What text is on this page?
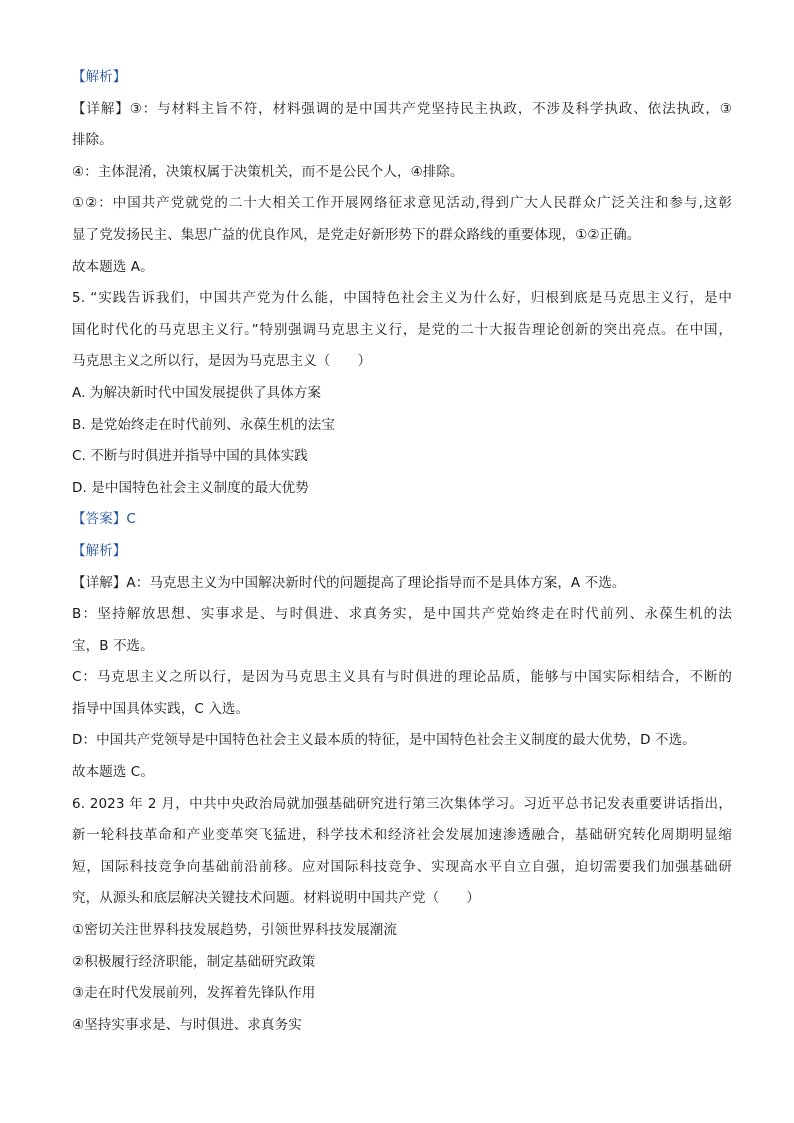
【解析】
【详解】③：与材料主旨不符，材料强调的是中国共产党坚持民主执政，不涉及科学执政、依法执政，③
排除。
④：主体混淆，决策权属于决策机关，而不是公民个人，④排除。
①②：中国共产党就党的二十大相关工作开展网络征求意见活动,得到广大人民群众广泛关注和参与,这彰
显了党发扬民主、集思广益的优良作风，是党走好新形势下的群众路线的重要体现，①②正确。
故本题选 A。
5. “实践告诉我们，中国共产党为什么能，中国特色社会主义为什么好，归根到底是马克思主义行，是中
国化时代化的马克思主义行。”特别强调马克思主义行，是党的二十大报告理论创新的突出亮点。在中国，
马克思主义之所以行，是因为马克思主义（　　）
A. 为解决新时代中国发展提供了具体方案
B. 是党始终走在时代前列、永葆生机的法宝
C. 不断与时俱进并指导中国的具体实践
D. 是中国特色社会主义制度的最大优势
【答案】C
【解析】
【详解】A：马克思主义为中国解决新时代的问题提高了理论指导而不是具体方案，A 不选。
B：坚持解放思想、实事求是、与时俱进、求真务实，是中国共产党始终走在时代前列、永葆生机的法
宝，B 不选。
C：马克思主义之所以行，是因为马克思主义具有与时俱进的理论品质，能够与中国实际相结合，不断的
指导中国具体实践，C 入选。
D：中国共产党领导是中国特色社会主义最本质的特征，是中国特色社会主义制度的最大优势，D 不选。
故本题选 C。
6. 2023 年 2 月，中共中央政治局就加强基础研究进行第三次集体学习。习近平总书记发表重要讲话指出，
新一轮科技革命和产业变革突飞猛进，科学技术和经济社会发展加速渗透融合，基础研究转化周期明显缩
短，国际科技竞争向基础前沿前移。应对国际科技竞争、实现高水平自立自强，迫切需要我们加强基础研
究，从源头和底层解决关键技术问题。材料说明中国共产党（　　）
①密切关注世界科技发展趋势，引领世界科技发展潮流
②积极履行经济职能，制定基础研究政策
③走在时代发展前列，发挥着先锋队作用
④坚持实事求是、与时俱进、求真务实
